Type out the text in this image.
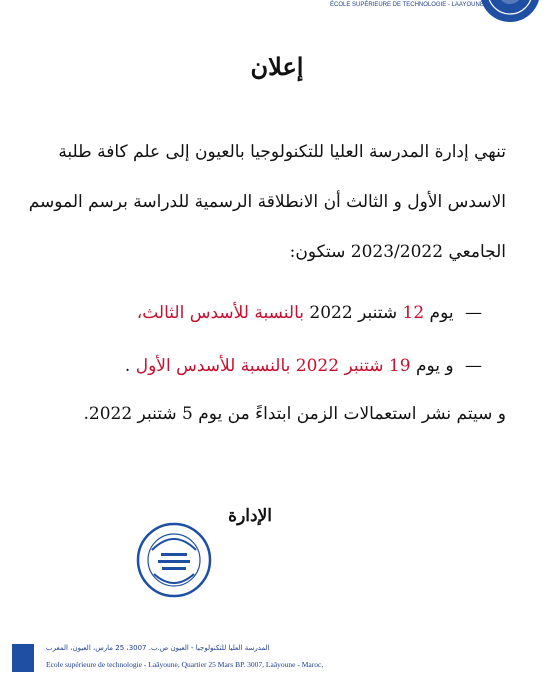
ÉCOLE SUPÉRIEURE DE TECHNOLOGIE - LAAYOUNE
إعلان
تنهي إدارة المدرسة العليا للتكنولوجيا بالعيون إلى علم كافة طلبة
الاسدس الأول و الثالث أن الانطلاقة الرسمية للدراسة برسم الموسم
الجامعي 2023/2022 ستكون:
— يوم 12 شتنبر 2022 بالنسبة للأسدس الثالث،
— و يوم 19 شتنبر 2022 بالنسبة للأسدس الأول .
و سيتم نشر استعمالات الزمن ابتداءً من يوم 5 شتنبر 2022.
الإدارة
المدرسة العليا للتكنولوجيا - العيون ص.ب. 3007، 25 مارس، العيون، المغرب
Ecole supérieure de technologie - Laâyoune, Quartier 25 Mars BP. 3007, Laâyoune - Maroc,
